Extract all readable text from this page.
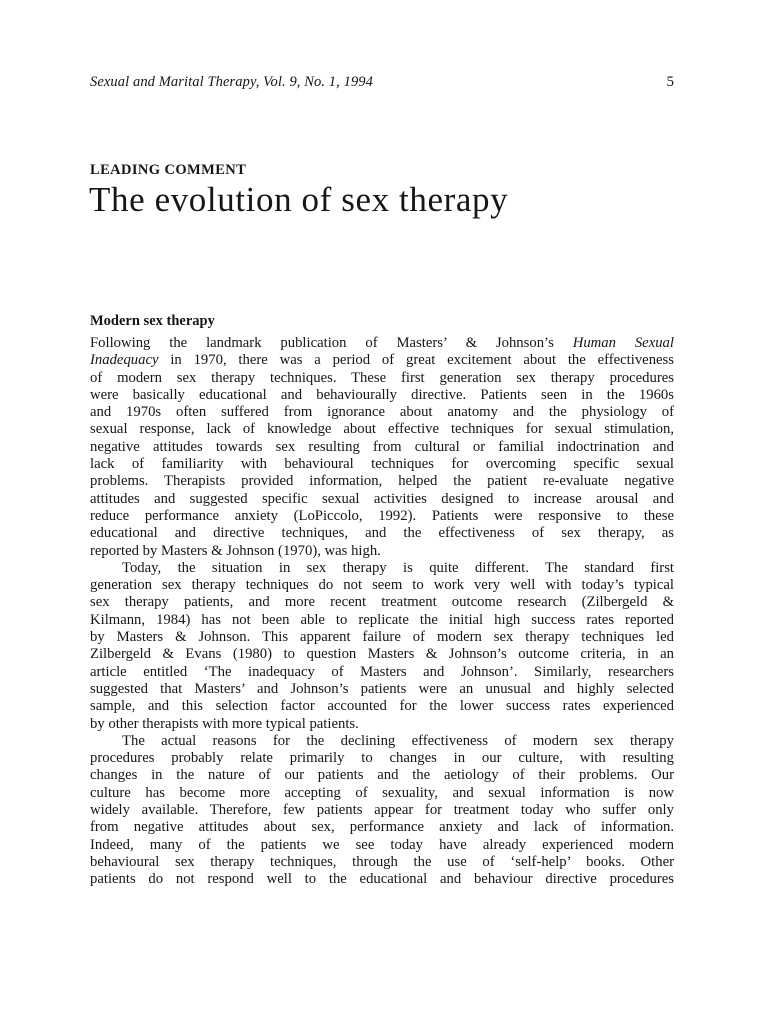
Sexual and Marital Therapy, Vol. 9, No. 1, 1994	5
LEADING COMMENT
The evolution of sex therapy
Modern sex therapy
Following the landmark publication of Masters’ & Johnson’s Human Sexual
Inadequacy in 1970, there was a period of great excitement about the effectiveness
of modern sex therapy techniques. These first generation sex therapy procedures
were basically educational and behaviourally directive. Patients seen in the 1960s
and 1970s often suffered from ignorance about anatomy and the physiology of
sexual response, lack of knowledge about effective techniques for sexual stimulation,
negative attitudes towards sex resulting from cultural or familial indoctrination and
lack of familiarity with behavioural techniques for overcoming specific sexual
problems. Therapists provided information, helped the patient re-evaluate negative
attitudes and suggested specific sexual activities designed to increase arousal and
reduce performance anxiety (LoPiccolo, 1992). Patients were responsive to these
educational and directive techniques, and the effectiveness of sex therapy, as
reported by Masters & Johnson (1970), was high.
Today, the situation in sex therapy is quite different. The standard first
generation sex therapy techniques do not seem to work very well with today’s typical
sex therapy patients, and more recent treatment outcome research (Zilbergeld &
Kilmann, 1984) has not been able to replicate the initial high success rates reported
by Masters & Johnson. This apparent failure of modern sex therapy techniques led
Zilbergeld & Evans (1980) to question Masters & Johnson’s outcome criteria, in an
article entitled ‘The inadequacy of Masters and Johnson’. Similarly, researchers
suggested that Masters’ and Johnson’s patients were an unusual and highly selected
sample, and this selection factor accounted for the lower success rates experienced
by other therapists with more typical patients.
The actual reasons for the declining effectiveness of modern sex therapy
procedures probably relate primarily to changes in our culture, with resulting
changes in the nature of our patients and the aetiology of their problems. Our
culture has become more accepting of sexuality, and sexual information is now
widely available. Therefore, few patients appear for treatment today who suffer only
from negative attitudes about sex, performance anxiety and lack of information.
Indeed, many of the patients we see today have already experienced modern
behavioural sex therapy techniques, through the use of ‘self-help’ books. Other
patients do not respond well to the educational and behaviour directive procedures
